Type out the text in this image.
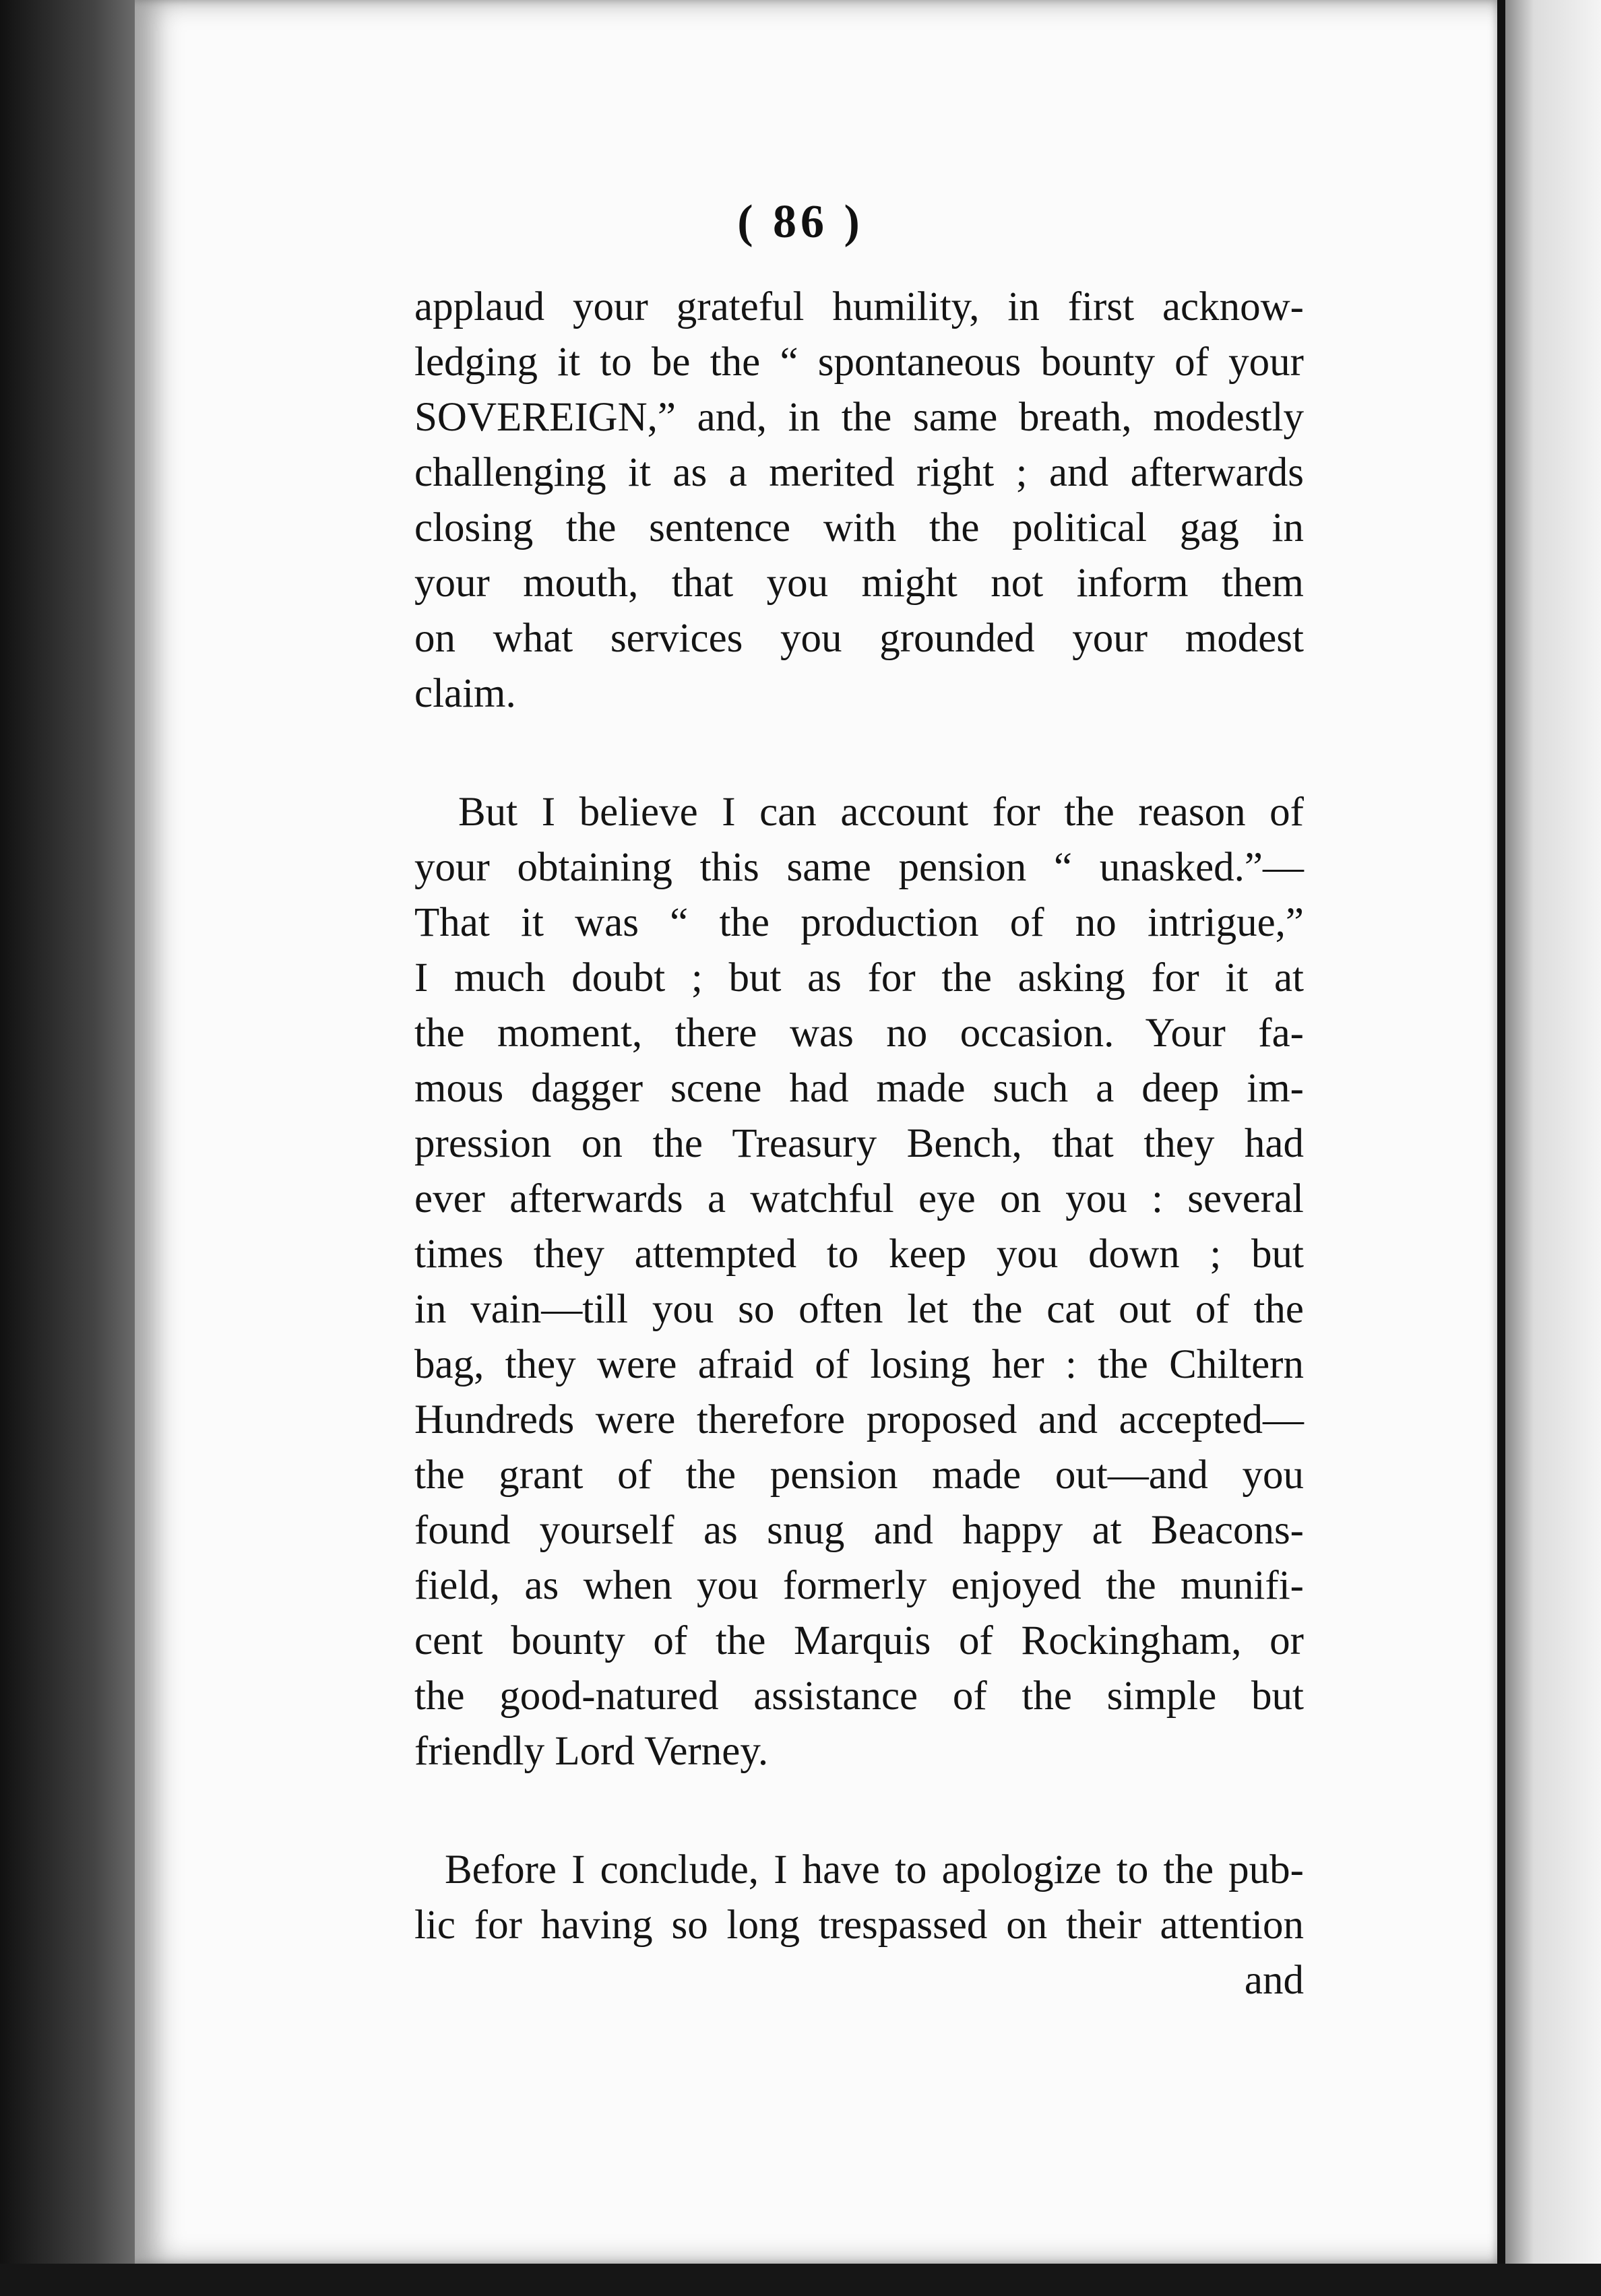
( 86 )
applaud your grateful humility, in first acknow-
ledging it to be the “ spontaneous bounty of your
SOVEREIGN,” and, in the same breath, modestly
challenging it as a merited right ; and afterwards
closing the sentence with the political gag in
your mouth, that you might not inform them
on what services you grounded your modest
claim.
But I believe I can account for the reason of
your obtaining this same pension “ unasked.”—
That it was “ the production of no intrigue,”
I much doubt ; but as for the asking for it at
the moment, there was no occasion. Your fa-
mous dagger scene had made such a deep im-
pression on the Treasury Bench, that they had
ever afterwards a watchful eye on you : several
times they attempted to keep you down ; but
in vain—till you so often let the cat out of the
bag, they were afraid of losing her : the Chiltern
Hundreds were therefore proposed and accepted—
the grant of the pension made out—and you
found yourself as snug and happy at Beacons-
field, as when you formerly enjoyed the munifi-
cent bounty of the Marquis of Rockingham, or
the good-natured assistance of the simple but
friendly Lord Verney.
Before I conclude, I have to apologize to the pub-
lic for having so long trespassed on their attention
and
